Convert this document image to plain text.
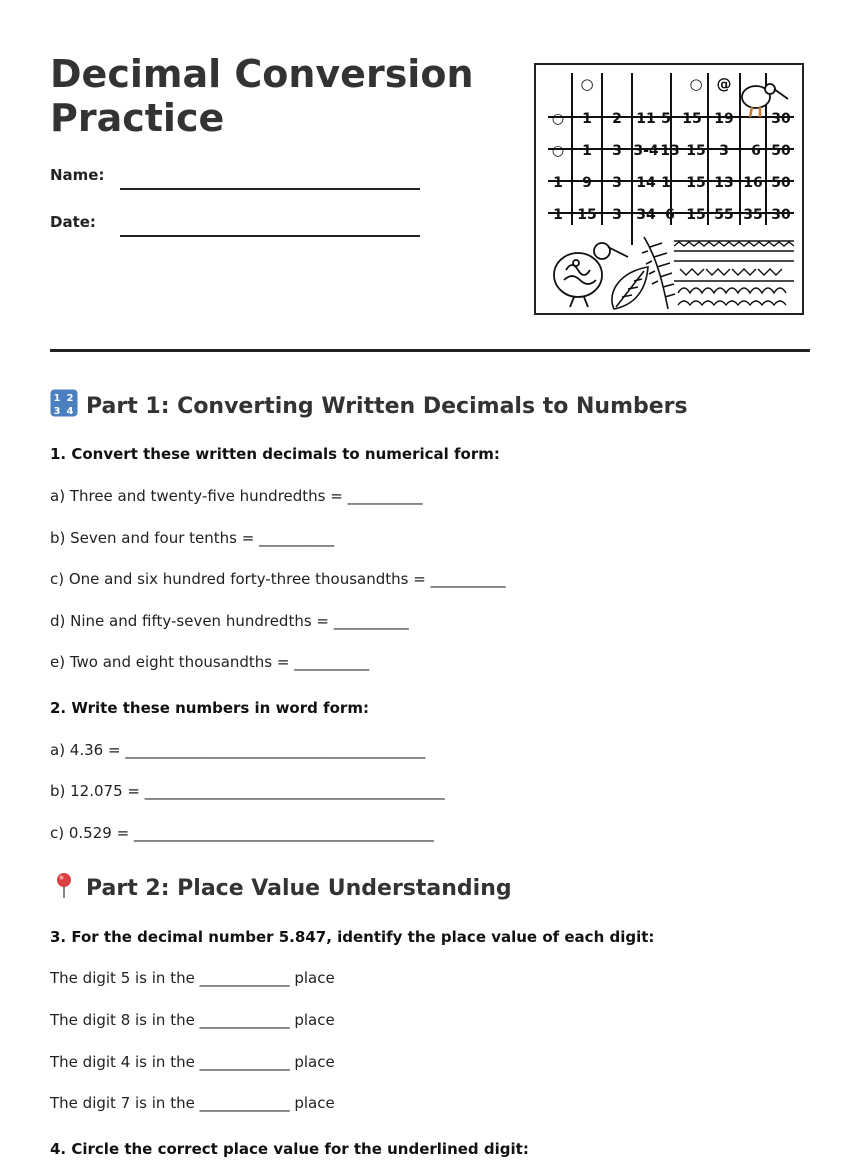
Decimal Conversion
Practice
Name:
Date:
○	○ @
○ 1 2 11 5 15 19	30
○ 1 3 3-4 13 15 3 6 50
1 9 3 14 1 15 13 16 50
1 15 3 34 6 15 55 35 30
1 2
3 4 Part 1: Converting Written Decimals to Numbers
1. Convert these written decimals to numerical form:
a) Three and twenty-five hundredths = __________
b) Seven and four tenths = __________
c) One and six hundred forty-three thousandths = __________
d) Nine and fifty-seven hundredths = __________
e) Two and eight thousandths = __________
2. Write these numbers in word form:
a) 4.36 = ________________________________________
b) 12.075 = ________________________________________
c) 0.529 = ________________________________________
Part 2: Place Value Understanding
3. For the decimal number 5.847, identify the place value of each digit:
The digit 5 is in the ____________ place
The digit 8 is in the ____________ place
The digit 4 is in the ____________ place
The digit 7 is in the ____________ place
4. Circle the correct place value for the underlined digit:
